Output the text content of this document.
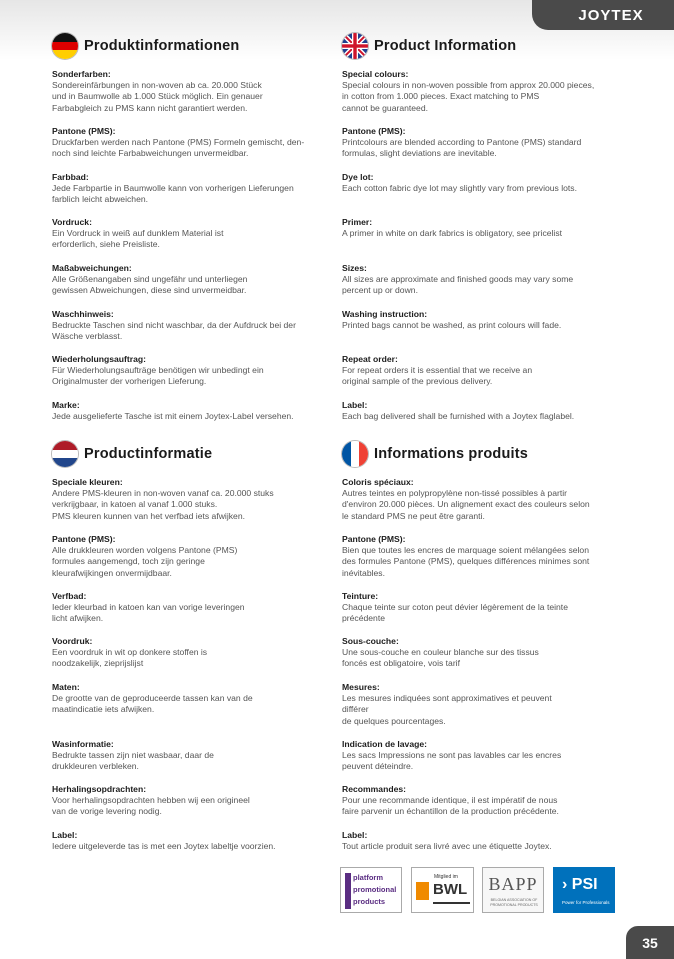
JOYTEX
Produktinformationen	Product Information
Productinformatie	Informations produits
Sonderfarben:
Sondereinfärbungen in non-woven ab ca. 20.000 Stück
und in Baumwolle ab 1.000 Stück möglich. Ein genauer
Farbabgleich zu PMS kann nicht garantiert werden.
Pantone (PMS):
Druckfarben werden nach Pantone (PMS) Formeln gemischt, den-
noch sind leichte Farbabweichungen unvermeidbar.
Farbbad:
Jede Farbpartie in Baumwolle kann von vorherigen Lieferungen
farblich leicht abweichen.
Vordruck:
Ein Vordruck in weiß auf dunklem Material ist
erforderlich, siehe Preisliste.
Maßabweichungen:
Alle Größenangaben sind ungefähr und unterliegen
gewissen Abweichungen, diese sind unvermeidbar.
Waschhinweis:
Bedruckte Taschen sind nicht waschbar, da der Aufdruck bei der
Wäsche verblasst.
Wiederholungsauftrag:
Für Wiederholungsaufträge benötigen wir unbedingt ein
Originalmuster der vorherigen Lieferung.
Marke:
Jede ausgelieferte Tasche ist mit einem Joytex-Label versehen.
Special colours:
Special colours in non-woven possible from approx 20.000 pieces,
in cotton from 1.000 pieces. Exact matching to PMS
cannot be guaranteed.
Pantone (PMS):
Printcolours are blended according to Pantone (PMS) standard
formulas, slight deviations are inevitable.
Dye lot:
Each cotton fabric dye lot may slightly vary from previous lots.
Primer:
A primer in white on dark fabrics is obligatory, see pricelist
Sizes:
All sizes are approximate and finished goods may vary some
percent up or down.
Washing instruction:
Printed bags cannot be washed, as print colours will fade.
Repeat order:
For repeat orders it is essential that we receive an
original sample of the previous delivery.
Label:
Each bag delivered shall be furnished with a Joytex flaglabel.
Speciale kleuren:
Andere PMS-kleuren in non-woven vanaf ca. 20.000 stuks
verkrijgbaar, in katoen al vanaf 1.000 stuks.
PMS kleuren kunnen van het verfbad iets afwijken.
Pantone (PMS):
Alle drukkleuren worden volgens Pantone (PMS)
formules aangemengd, toch zijn geringe
kleurafwijkingen onvermijdbaar.
Verfbad:
Ieder kleurbad in katoen kan van vorige leveringen
licht afwijken.
Voordruk:
Een voordruk in wit op donkere stoffen is
noodzakelijk, zieprijslijst
Maten:
De grootte van de geproduceerde tassen kan van de
maatindicatie iets afwijken.
Wasinformatie:
Bedrukte tassen zijn niet wasbaar, daar de
drukkleuren verbleken.
Herhalingsopdrachten:
Voor herhalingsopdrachten hebben wij een origineel
van de vorige levering nodig.
Label:
Iedere uitgeleverde tas is met een Joytex labeltje voorzien.
Coloris spéciaux:
Autres teintes en polypropylène non-tissé possibles à partir
d'environ 20.000 pièces. Un alignement exact des couleurs selon
le standard PMS ne peut être garanti.
Pantone (PMS):
Bien que toutes les encres de marquage soient mélangées selon
des formules Pantone (PMS), quelques différences minimes sont
inévitables.
Teinture:
Chaque teinte sur coton peut dévier légèrement de la teinte
précédente
Sous-couche:
Une sous-couche en couleur blanche sur des tissus
foncés est obligatoire, vois tarif
Mesures:
Les mesures indiquées sont approximatives et peuvent
différer
de quelques pourcentages.
Indication de lavage:
Les sacs Impressions ne sont pas lavables car les encres
peuvent déteindre.
Recommandes:
Pour une recommande identique, il est impératif de nous
faire parvenir un échantillon de la production précédente.
Label:
Tout article produit sera livré avec une étiquette Joytex.
platform
promotional
products
Mitglied im
BWL	BAPP
BELGIAN ASSOCIATION OF PROMOTIONAL PRODUCTS
› PSI
Power for Professionals
35
